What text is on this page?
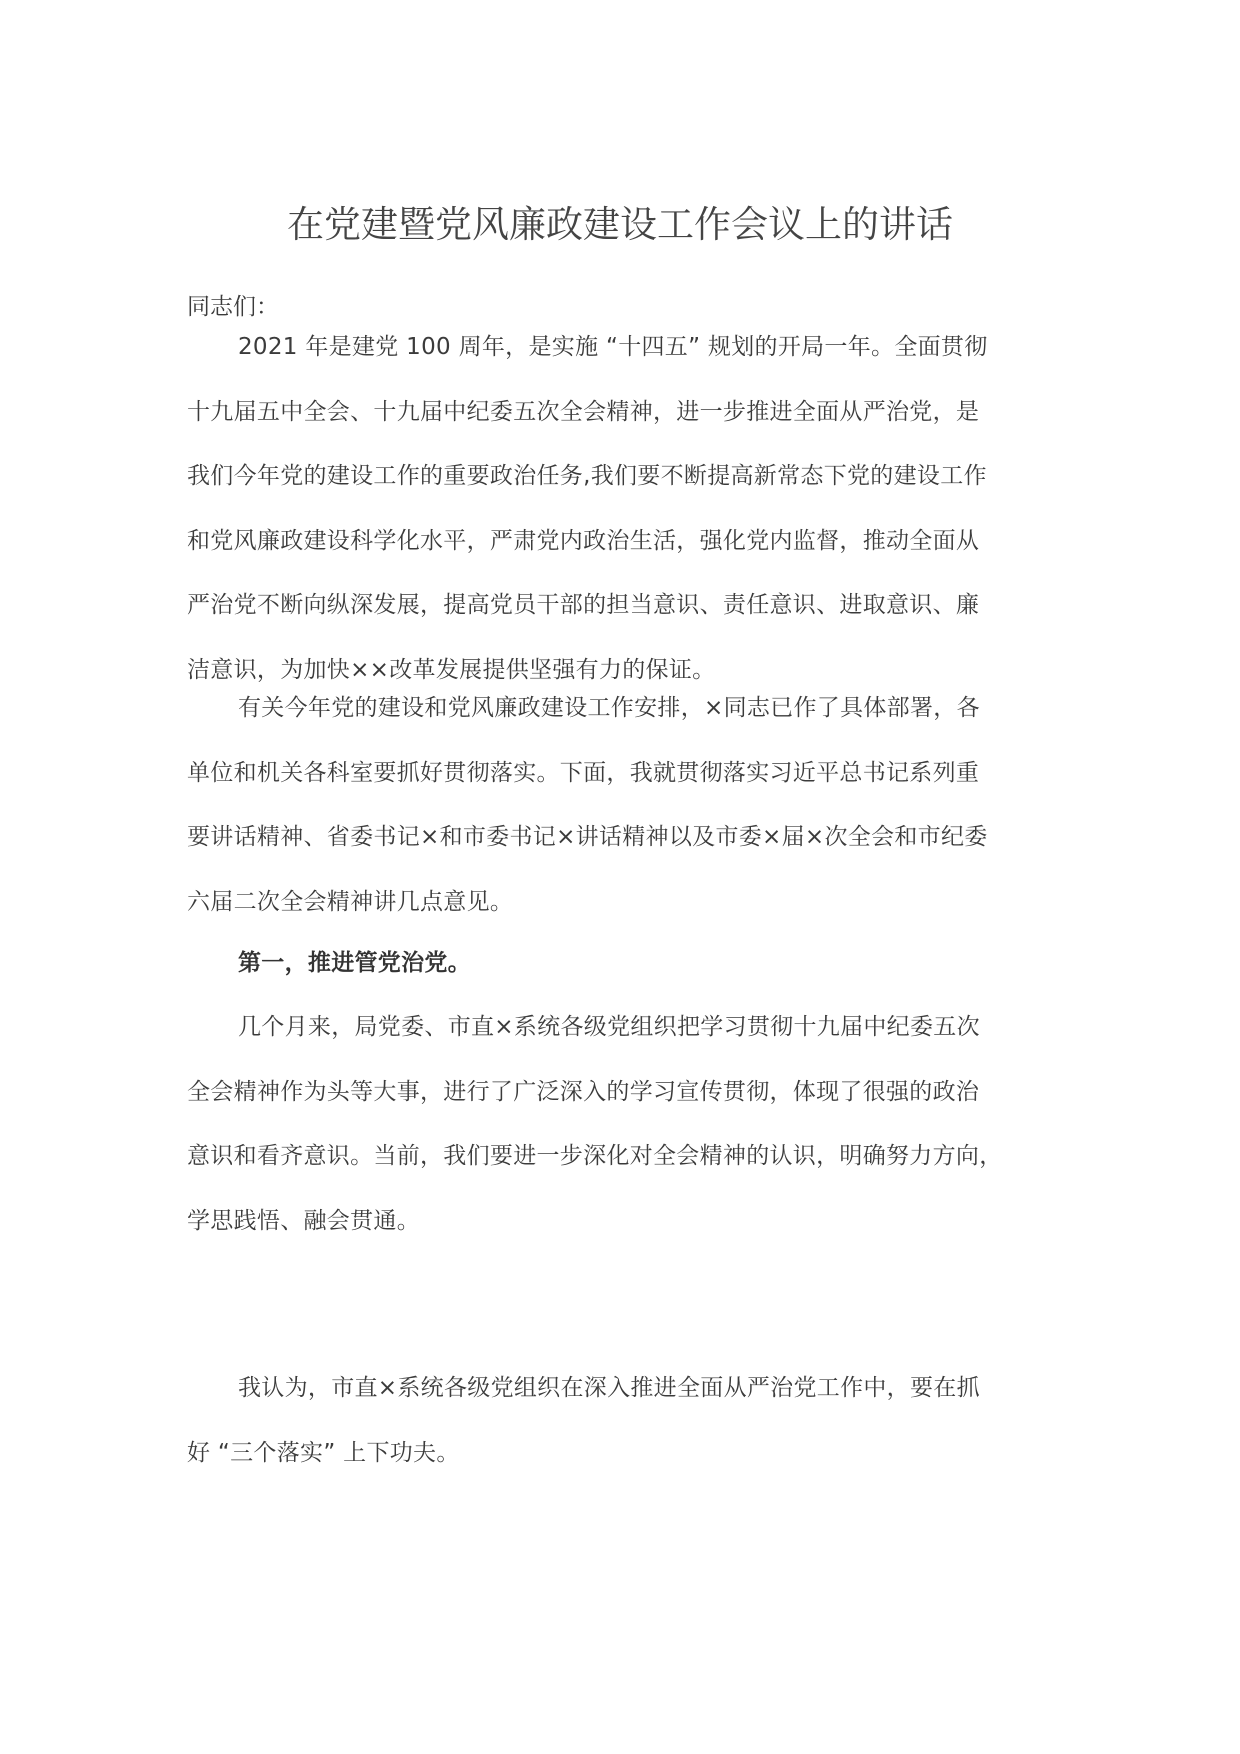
在党建暨党风廉政建设工作会议上的讲话
同志们：
2021 年是建党 100 周年，是实施 “十四五” 规划的开局一年。全面贯彻
十九届五中全会、十九届中纪委五次全会精神，进一步推进全面从严治党，是
我们今年党的建设工作的重要政治任务,我们要不断提高新常态下党的建设工作
和党风廉政建设科学化水平，严肃党内政治生活，强化党内监督，推动全面从
严治党不断向纵深发展，提高党员干部的担当意识、责任意识、进取意识、廉
洁意识，为加快××改革发展提供坚强有力的保证。
有关今年党的建设和党风廉政建设工作安排，×同志已作了具体部署，各
单位和机关各科室要抓好贯彻落实。下面，我就贯彻落实习近平总书记系列重
要讲话精神、省委书记×和市委书记×讲话精神以及市委×届×次全会和市纪委
六届二次全会精神讲几点意见。
第一，推进管党治党。
几个月来，局党委、市直×系统各级党组织把学习贯彻十九届中纪委五次
全会精神作为头等大事，进行了广泛深入的学习宣传贯彻，体现了很强的政治
意识和看齐意识。当前，我们要进一步深化对全会精神的认识，明确努力方向，
学思践悟、融会贯通。
我认为，市直×系统各级党组织在深入推进全面从严治党工作中，要在抓
好 “三个落实” 上下功夫。
